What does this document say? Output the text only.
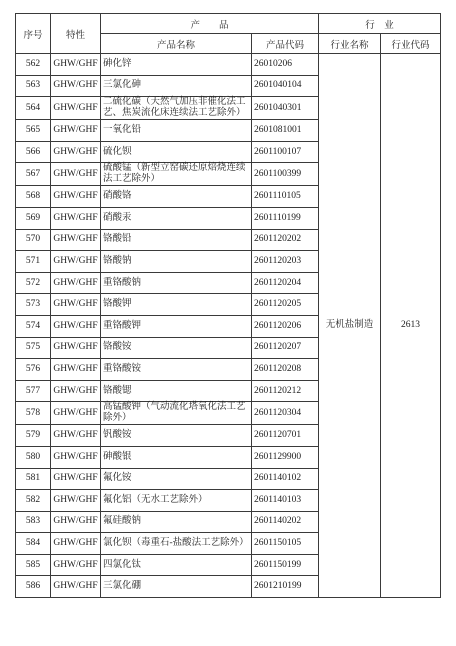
序号	特性	产　　品		行　业	
		产品名称	产品代码	行业名称	行业代码
562	GHW/GHF	砷化锌	26010206	无机盐制造	2613
563	GHW/GHF	三氯化砷	2601040104		
564	GHW/GHF	二硫化碳（天然气加压非催化法工艺、焦炭流化床连续法工艺除外）	2601040301		
565	GHW/GHF	一氧化铅	2601081001		
566	GHW/GHF	硫化钡	2601100107		
567	GHW/GHF	硫酸锰（新型立窑碳还原焙烧连续法工艺除外）	2601100399		
568	GHW/GHF	硝酸铬	2601110105		
569	GHW/GHF	硝酸汞	2601110199		
570	GHW/GHF	铬酸铅	2601120202		
571	GHW/GHF	铬酸钠	2601120203		
572	GHW/GHF	重铬酸钠	2601120204		
573	GHW/GHF	铬酸钾	2601120205		
574	GHW/GHF	重铬酸钾	2601120206		
575	GHW/GHF	铬酸铵	2601120207		
576	GHW/GHF	重铬酸铵	2601120208		
577	GHW/GHF	铬酸锶	2601120212		
578	GHW/GHF	高锰酸钾（气动流化塔氧化法工艺除外）	2601120304		
579	GHW/GHF	钒酸铵	2601120701		
580	GHW/GHF	砷酸银	2601129900		
581	GHW/GHF	氟化铵	2601140102		
582	GHW/GHF	氟化铝（无水工艺除外）	2601140103		
583	GHW/GHF	氟硅酸钠	2601140202		
584	GHW/GHF	氯化钡（毒重石-盐酸法工艺除外）	2601150105		
585	GHW/GHF	四氯化钛	2601150199		
586	GHW/GHF	三氯化硼	2601210199		
